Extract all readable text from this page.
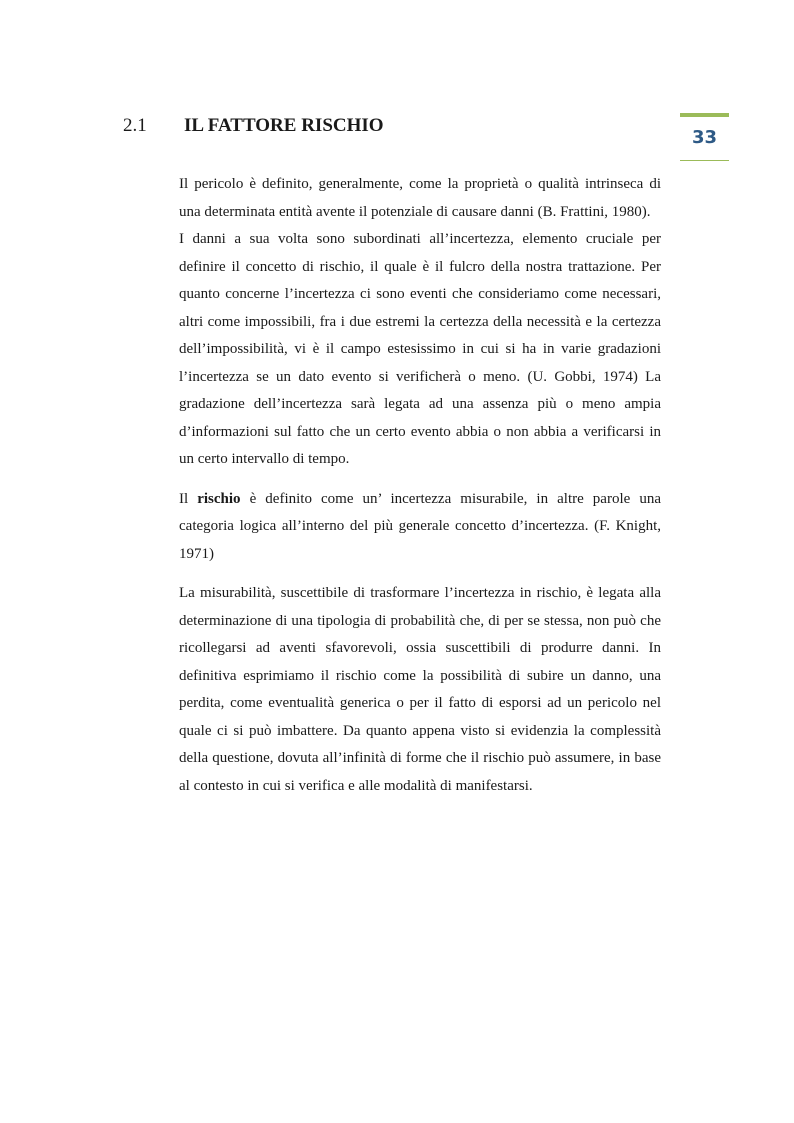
33
2.1 IL FATTORE RISCHIO

Il pericolo è definito, generalmente, come la proprietà o qualità intrinseca di una determinata entità avente il potenziale di causare danni (B. Frattini, 1980).

I danni a sua volta sono subordinati all’incertezza, elemento cruciale per definire il concetto di rischio, il quale è il fulcro della nostra trattazione. Per quanto concerne l’incertezza ci sono eventi che consideriamo come necessari, altri come impossibili, fra i due estremi la certezza della necessità e la certezza dell’impossibilità, vi è il campo estesissimo in cui si ha in varie gradazioni l’incertezza se un dato evento si verificherà o meno. (U. Gobbi, 1974) La gradazione dell’incertezza sarà legata ad una assenza più o meno ampia d’informazioni sul fatto che un certo evento abbia o non abbia a verificarsi in un certo intervallo di tempo.

Il rischio è definito come un’ incertezza misurabile, in altre parole una categoria logica all’interno del più generale concetto d’incertezza. (F. Knight, 1971)

La misurabilità, suscettibile di trasformare l’incertezza in rischio, è legata alla determinazione di una tipologia di probabilità che, di per se stessa, non può che ricollegarsi ad aventi sfavorevoli, ossia suscettibili di produrre danni. In definitiva esprimiamo il rischio come la possibilità di subire un danno, una perdita, come eventualità generica o per il fatto di esporsi ad un pericolo nel quale ci si può imbattere. Da quanto appena visto si evidenzia la complessità della questione, dovuta all’infinità di forme che il rischio può assumere, in base al contesto in cui si verifica e alle modalità di manifestarsi.
